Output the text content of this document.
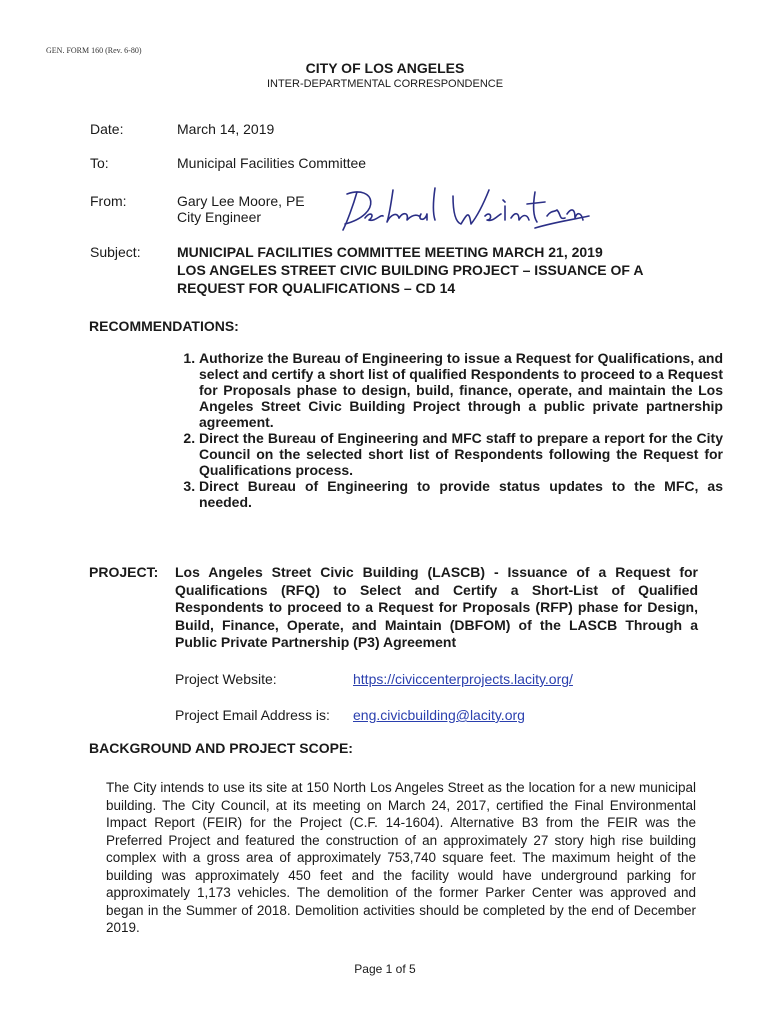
GEN. FORM 160 (Rev. 6-80)
CITY OF LOS ANGELES
INTER-DEPARTMENTAL CORRESPONDENCE
Date:	March 14, 2019
To:	Municipal Facilities Committee
From:	Gary Lee Moore, PE
City Engineer
Subject:	MUNICIPAL FACILITIES COMMITTEE MEETING MARCH 21, 2019
LOS ANGELES STREET CIVIC BUILDING PROJECT – ISSUANCE OF A
REQUEST FOR QUALIFICATIONS – CD 14
RECOMMENDATIONS:
1. Authorize the Bureau of Engineering to issue a Request for Qualifications, and select and certify a short list of qualified Respondents to proceed to a Request for Proposals phase to design, build, finance, operate, and maintain the Los Angeles Street Civic Building Project through a public private partnership agreement.
2. Direct the Bureau of Engineering and MFC staff to prepare a report for the City Council on the selected short list of Respondents following the Request for Qualifications process.
3. Direct Bureau of Engineering to provide status updates to the MFC, as needed.
PROJECT: Los Angeles Street Civic Building (LASCB) - Issuance of a Request for Qualifications (RFQ) to Select and Certify a Short-List of Qualified Respondents to proceed to a Request for Proposals (RFP) phase for Design, Build, Finance, Operate, and Maintain (DBFOM) of the LASCB Through a Public Private Partnership (P3) Agreement
Project Website:	https://civiccenterprojects.lacity.org/
Project Email Address is: eng.civicbuilding@lacity.org
BACKGROUND AND PROJECT SCOPE:
The City intends to use its site at 150 North Los Angeles Street as the location for a new municipal building. The City Council, at its meeting on March 24, 2017, certified the Final Environmental Impact Report (FEIR) for the Project (C.F. 14-1604). Alternative B3 from the FEIR was the Preferred Project and featured the construction of an approximately 27 story high rise building complex with a gross area of approximately 753,740 square feet. The maximum height of the building was approximately 450 feet and the facility would have underground parking for approximately 1,173 vehicles. The demolition of the former Parker Center was approved and began in the Summer of 2018. Demolition activities should be completed by the end of December 2019.
Page 1 of 5
